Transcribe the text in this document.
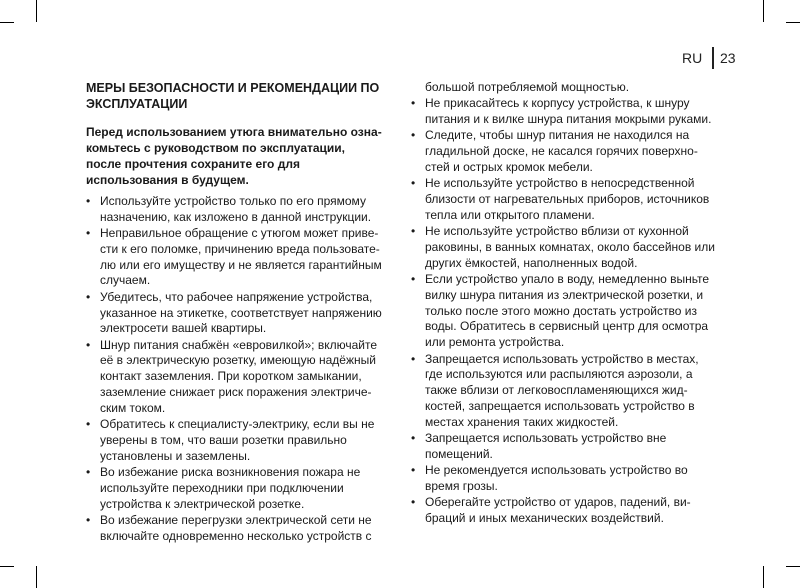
RU 23
МЕРЫ БЕЗОПАСНОСТИ И РЕКОМЕНДАЦИИ ПО ЭКСПЛУАТАЦИИ
Перед использованием утюга внимательно озна-комьтесь с руководством по эксплуатации, после прочтения сохраните его для использования в будущем.
• Используйте устройство только по его прямому назначению, как изложено в данной инструкции.
• Неправильное обращение с утюгом может приве-сти к его поломке, причинению вреда пользовате-лю или его имуществу и не является гарантийным случаем.
• Убедитесь, что рабочее напряжение устройства, указанное на этикетке, соответствует напряжению электросети вашей квартиры.
• Шнур питания снабжён «евровилкой»; включайте её в электрическую розетку, имеющую надёжный контакт заземления. При коротком замыкании, заземление снижает риск поражения электриче-ским током.
• Обратитесь к специалисту-электрику, если вы не уверены в том, что ваши розетки правильно установлены и заземлены.
• Во избежание риска возникновения пожара не используйте переходники при подключении устройства к электрической розетке.
• Во избежание перегрузки электрической сети не включайте одновременно несколько устройств с
большой потребляемой мощностью.
• Не прикасайтесь к корпусу устройства, к шнуру питания и к вилке шнура питания мокрыми руками.
• Следите, чтобы шнур питания не находился на гладильной доске, не касался горячих поверхно-стей и острых кромок мебели.
• Не используйте устройство в непосредственной близости от нагревательных приборов, источников тепла или открытого пламени.
• Не используйте устройство вблизи от кухонной раковины, в ванных комнатах, около бассейнов или других ёмкостей, наполненных водой.
• Если устройство упало в воду, немедленно выньте вилку шнура питания из электрической розетки, и только после этого можно достать устройство из воды. Обратитесь в сервисный центр для осмотра или ремонта устройства.
• Запрещается использовать устройство в местах, где используются или распыляются аэрозоли, а также вблизи от легковоспламеняющихся жид-костей, запрещается использовать устройство в местах хранения таких жидкостей.
• Запрещается использовать устройство вне помещений.
• Не рекомендуется использовать устройство во время грозы.
• Оберегайте устройство от ударов, падений, ви-браций и иных механических воздействий.
